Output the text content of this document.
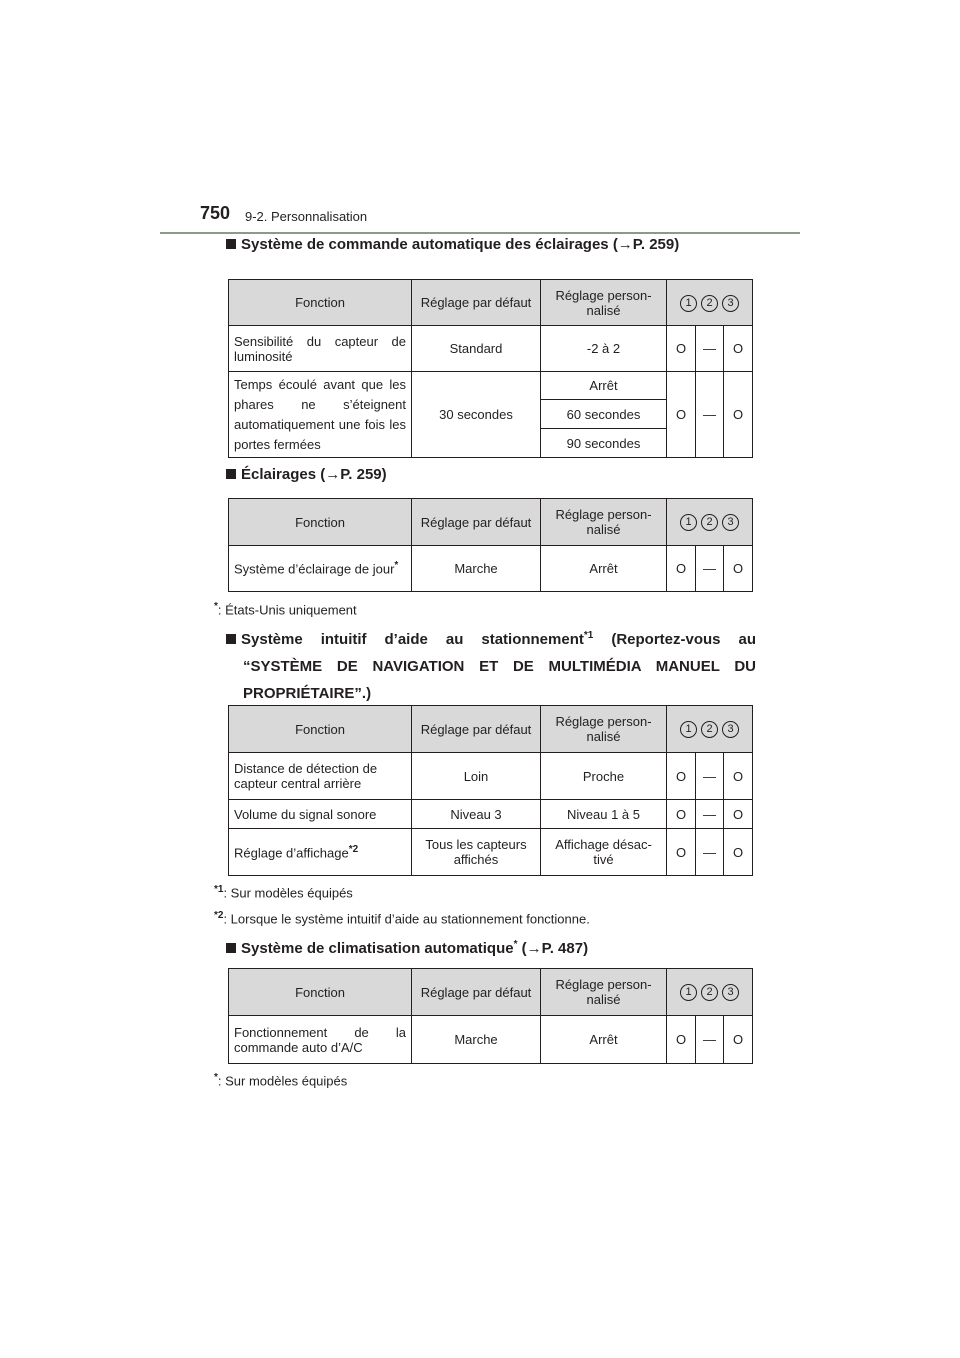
750 9-2. Personnalisation
Système de commande automatique des éclairages (→P. 259)
Fonction	Réglage par défaut	Réglage person-nalisé	1 2 3		
Sensibilité du capteur de luminosité	Standard	-2 à 2	O	—	O
Temps écoulé avant que les phares ne s’éteignent automatiquement une fois les portes fermées	30 secondes	Arrêt	O	—	O
		60 secondes			
		90 secondes			
Éclairages (→P. 259)
Fonction	Réglage par défaut	Réglage person-nalisé	1 2 3		
Système d’éclairage de jour*	Marche	Arrêt	O	—	O
*: États-Unis uniquement
Système intuitif d’aide au stationnement$^{*1}$ (Reportez-vous au “SYSTÈME DE NAVIGATION ET DE MULTIMÉDIA MANUEL DU PROPRIÉTAIRE”.)
Fonction	Réglage par défaut	Réglage person-nalisé	1 2 3		
Distance de détection de capteur central arrière	Loin	Proche	O	—	O
Volume du signal sonore	Niveau 3	Niveau 1 à 5	O	—	O
Réglage d’affichage$^{*2}$	Tous les capteurs affichés	Affichage désac-tivé	O	—	O
$^{*1}$: Sur modèles équipés
$^{*2}$: Lorsque le système intuitif d’aide au stationnement fonctionne.
Système de climatisation automatique* (→P. 487)
Fonction	Réglage par défaut	Réglage person-nalisé	1 2 3		
Fonctionnement de la commande auto d’A/C	Marche	Arrêt	O	—	O
*: Sur modèles équipés
